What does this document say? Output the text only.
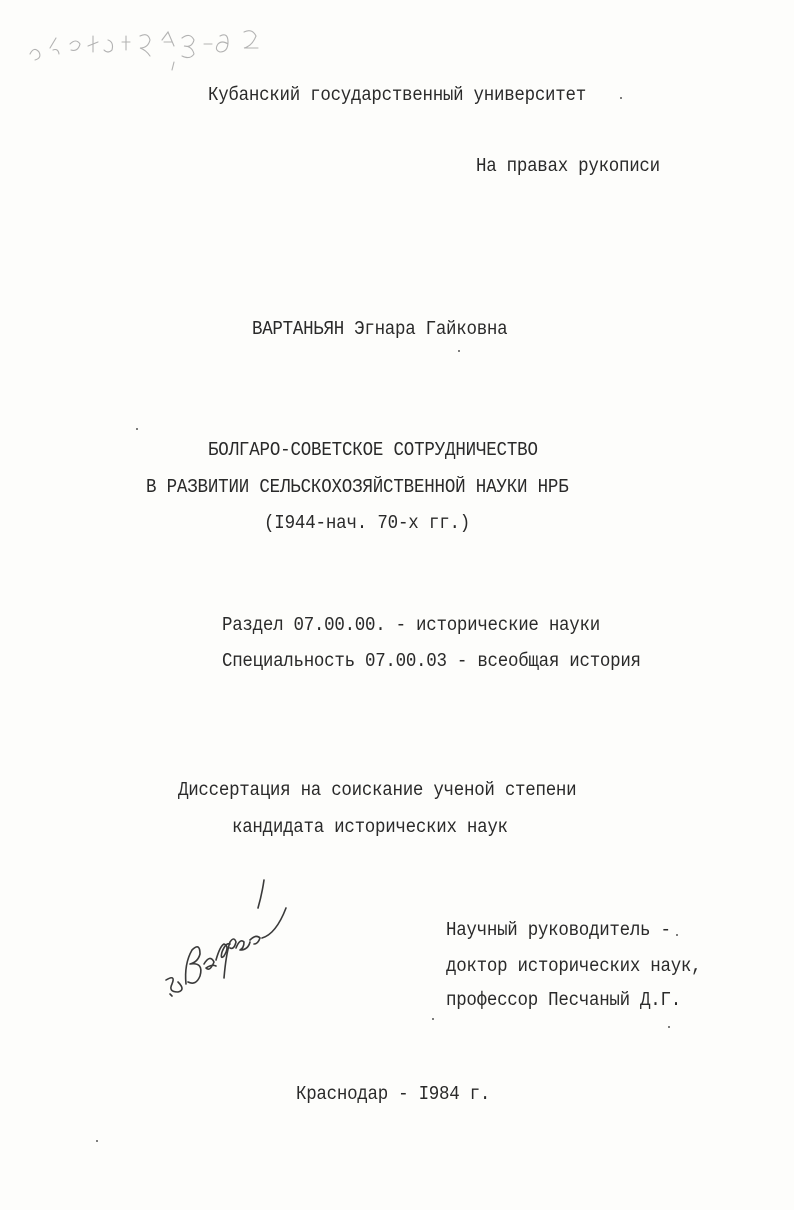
Кубанский государственный университет
На правах рукописи
ВАРТАНЬЯН Эгнара Гайковна
БОЛГАРО-СОВЕТСКОЕ СОТРУДНИЧЕСТВО
В РАЗВИТИИ СЕЛЬСКОХОЗЯЙСТВЕННОЙ НАУКИ НРБ
(I944-нач. 70-х гг.)
Раздел 07.00.00. - исторические науки
Специальность 07.00.03 - всеобщая история
Диссертация на соискание ученой степени
кандидата исторических наук
Научный руководитель -
доктор исторических наук,
профессор Песчаный Д.Г.
Краснодар - I984 г.
